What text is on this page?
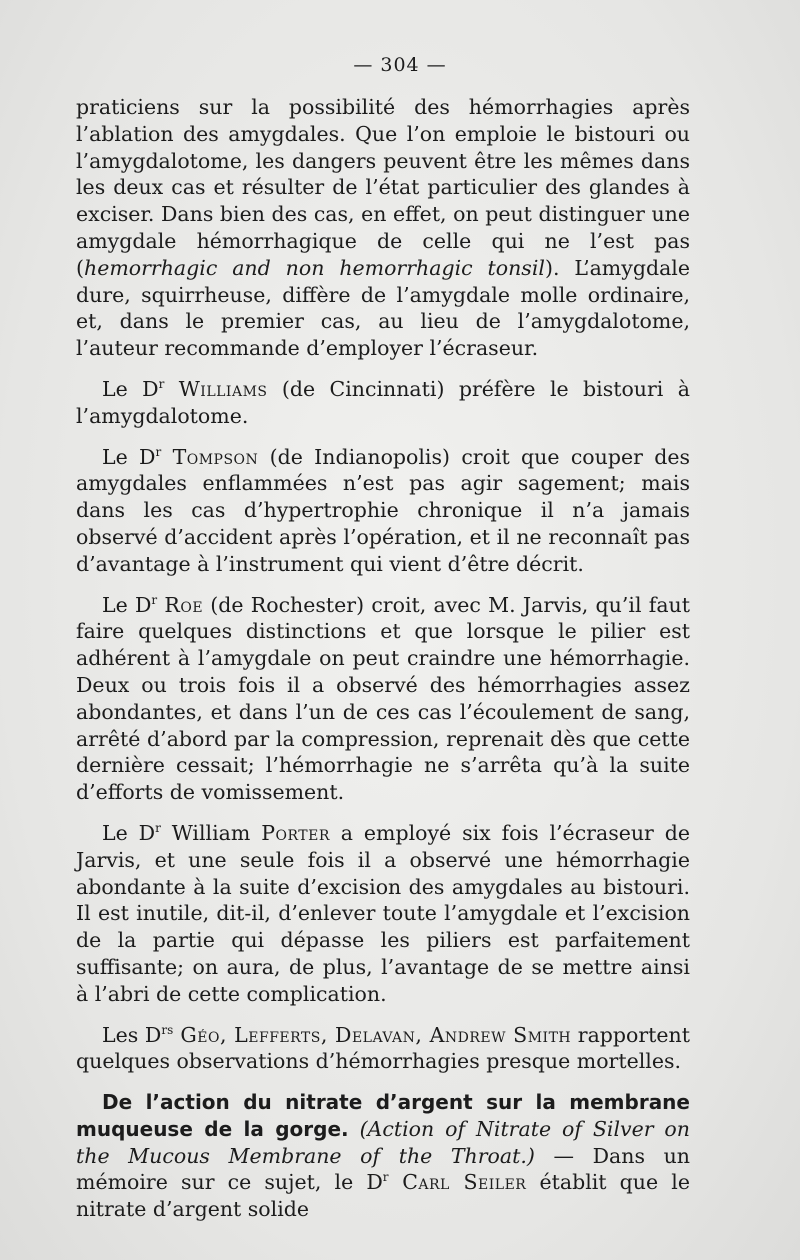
— 304 —

praticiens sur la possibilité des hémorrhagies après l’ablation des amygdales. Que l’on emploie le bistouri ou l’amygdalotome, les dangers peuvent être les mêmes dans les deux cas et résulter de l’état particulier des glandes à exciser. Dans bien des cas, en effet, on peut distinguer une amygdale hémorrhagique de celle qui ne l’est pas (hemorrhagic and non hemorrhagic tonsil). L’amygdale dure, squirrheuse, diffère de l’amygdale molle ordinaire, et, dans le premier cas, au lieu de l’amygdalotome, l’auteur recommande d’employer l’écraseur.

Le $D^r$ Williams (de Cincinnati) préfère le bistouri à l’amygdalotome.

Le $D^r$ Tompson (de Indianopolis) croit que couper des amygdales enflammées n’est pas agir sagement; mais dans les cas d’hypertrophie chronique il n’a jamais observé d’accident après l’opération, et il ne reconnaît pas d’avantage à l’instrument qui vient d’être décrit.

Le $D^r$ Roe (de Rochester) croit, avec M. Jarvis, qu’il faut faire quelques distinctions et que lorsque le pilier est adhérent à l’amygdale on peut craindre une hémorrhagie. Deux ou trois fois il a observé des hémorrhagies assez abondantes, et dans l’un de ces cas l’écoulement de sang, arrêté d’abord par la compression, reprenait dès que cette dernière cessait; l’hémorrhagie ne s’arrêta qu’à la suite d’efforts de vomissement.

Le $D^r$ William Porter a employé six fois l’écraseur de Jarvis, et une seule fois il a observé une hémorrhagie abondante à la suite d’excision des amygdales au bistouri. Il est inutile, dit-il, d’enlever toute l’amygdale et l’excision de la partie qui dépasse les piliers est parfaitement suffisante; on aura, de plus, l’avantage de se mettre ainsi à l’abri de cette complication.

Les $D^{rs}$ Géo, Lefferts, Delavan, Andrew Smith rapportent quelques observations d’hémorrhagies presque mortelles.

De l’action du nitrate d’argent sur la membrane muqueuse de la gorge. (Action of Nitrate of Silver on the Mucous Membrane of the Throat.) — Dans un mémoire sur ce sujet, le $D^r$ Carl Seiler établit que le nitrate d’argent solide
